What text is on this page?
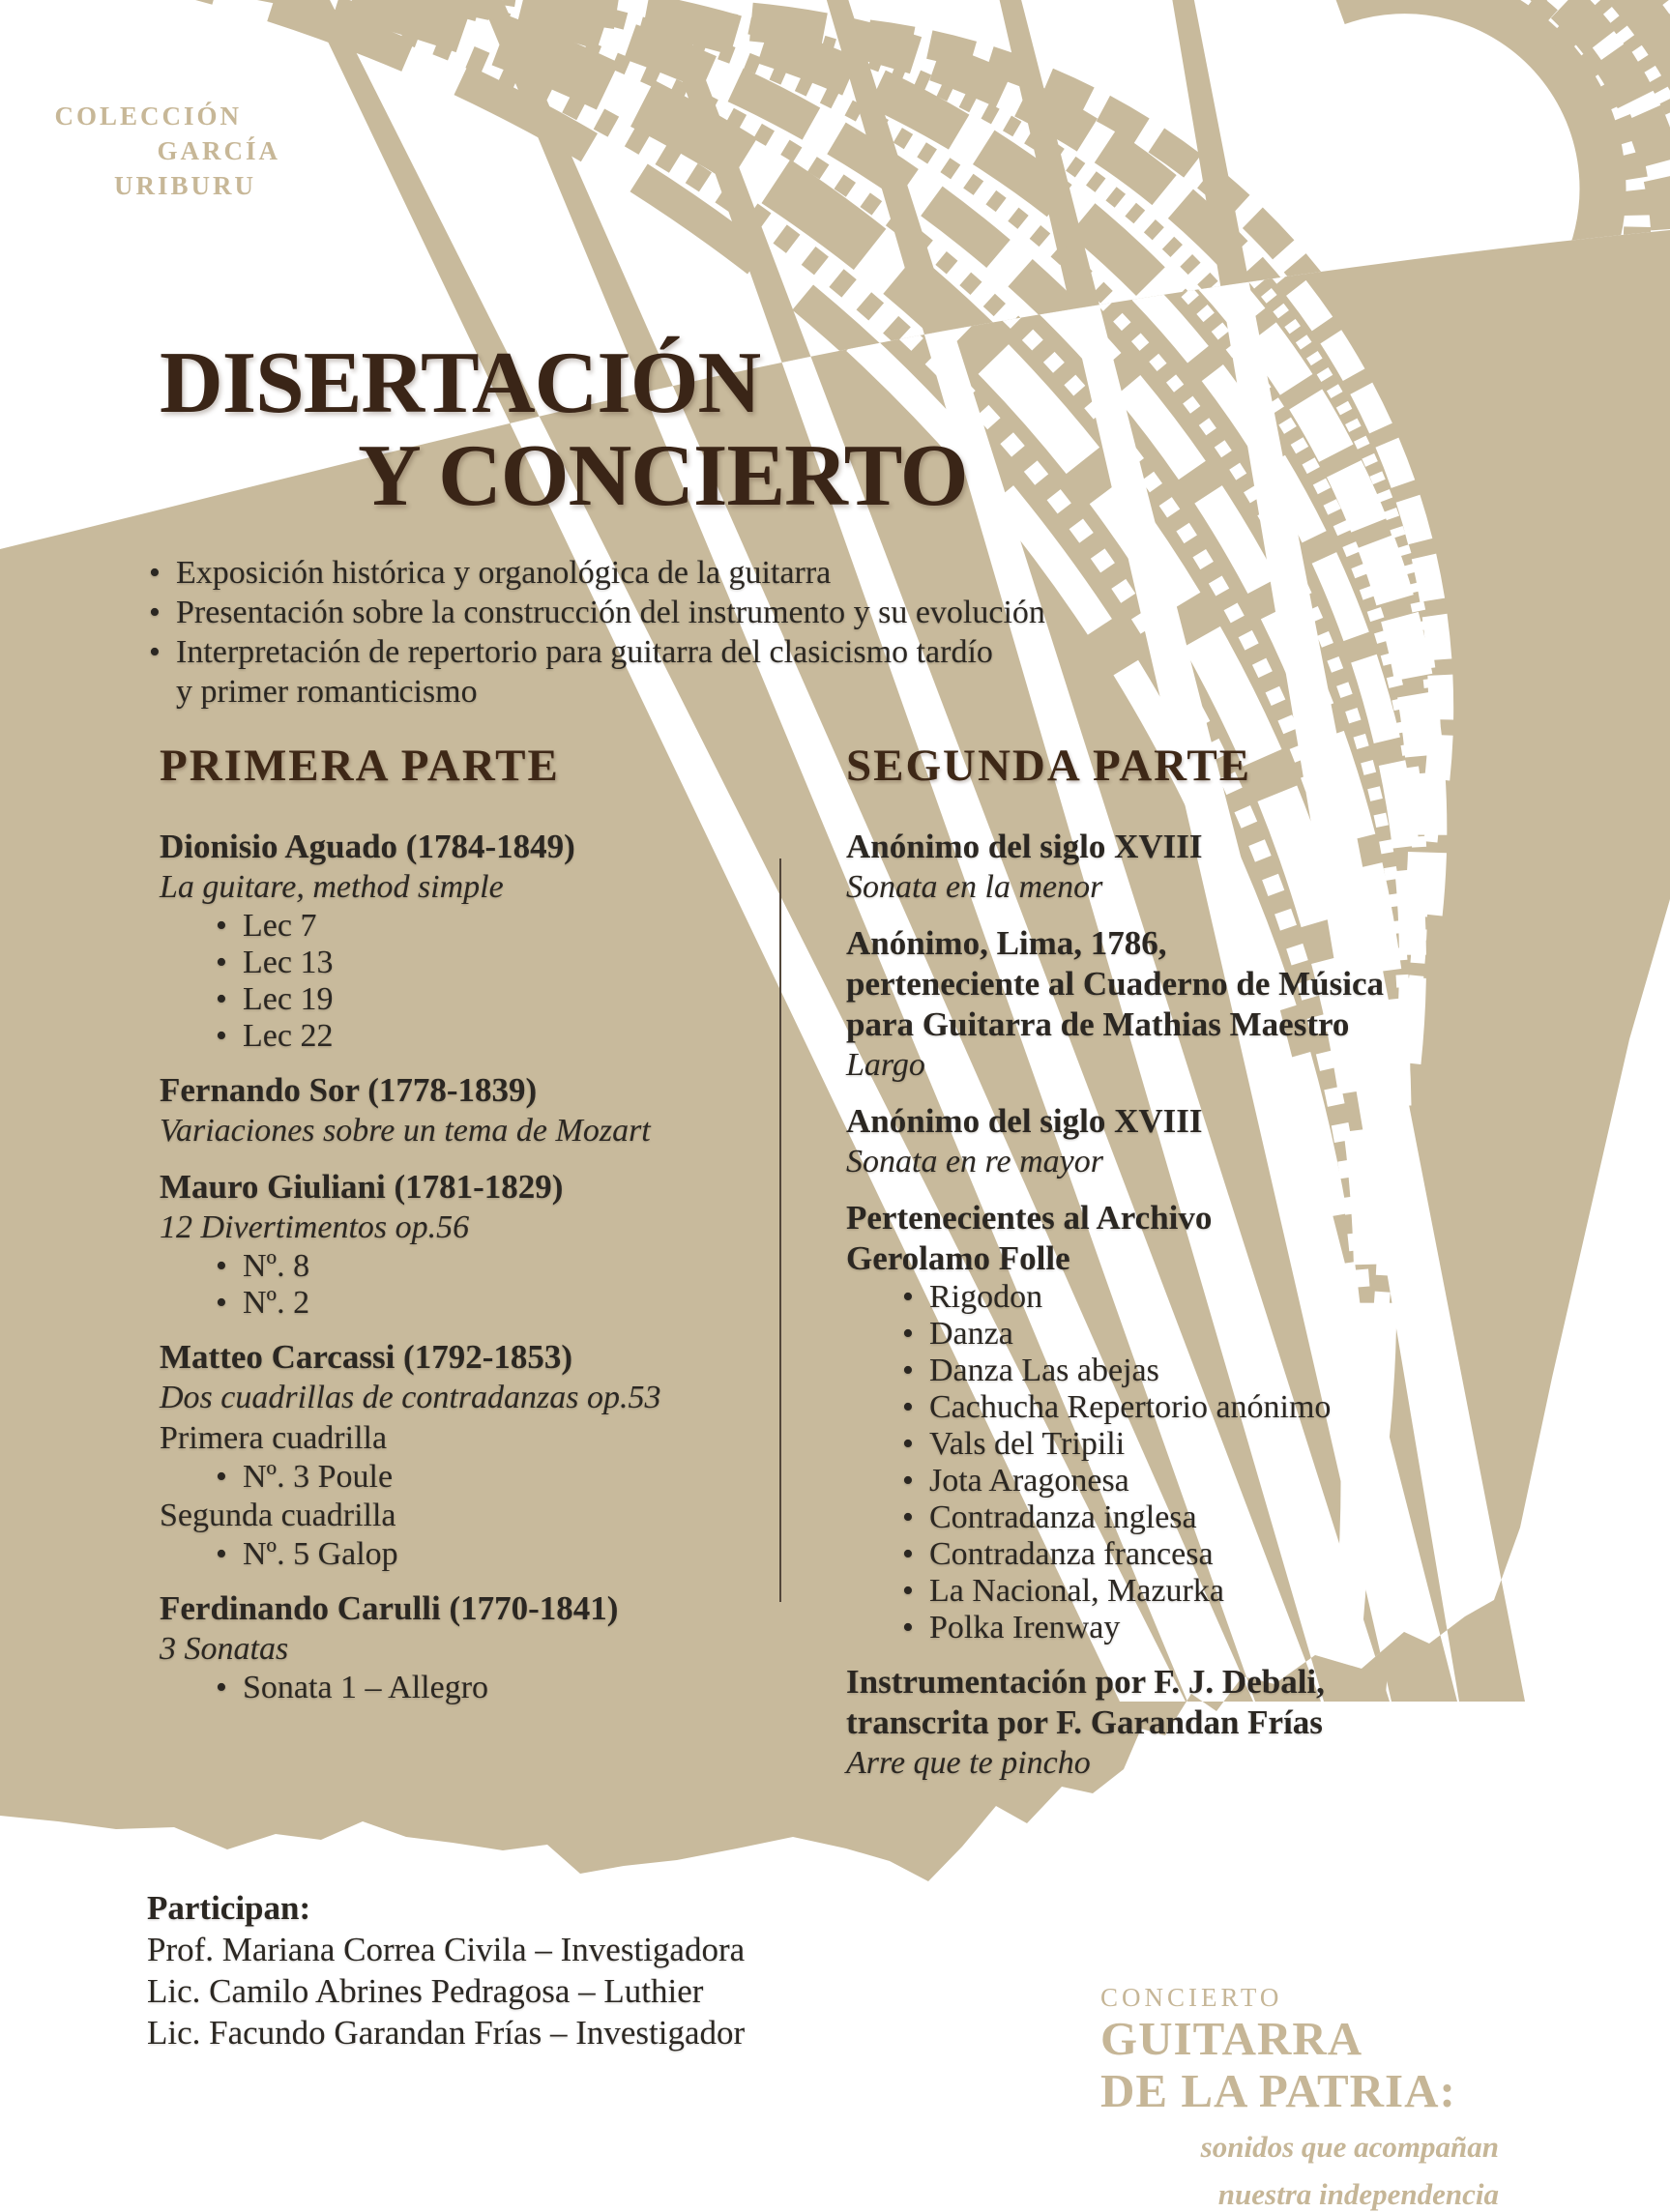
COLECCIÓN
GARCÍA
URIBURU
DISERTACIÓN
Y CONCIERTO
• Exposición histórica y organológica de la guitarra
• Presentación sobre la construcción del instrumento y su evolución
• Interpretación de repertorio para guitarra del clasicismo tardío
y primer romanticismo
PRIMERA PARTE
Dionisio Aguado (1784-1849)
La guitare, method simple
• Lec 7
• Lec 13
• Lec 19
• Lec 22
Fernando Sor (1778-1839)
Variaciones sobre un tema de Mozart
Mauro Giuliani (1781-1829)
12 Divertimentos op.56
• Nº. 8
• Nº. 2
Matteo Carcassi (1792-1853)
Dos cuadrillas de contradanzas op.53
Primera cuadrilla
• Nº. 3 Poule
Segunda cuadrilla
• Nº. 5 Galop
Ferdinando Carulli (1770-1841)
3 Sonatas
• Sonata 1 – Allegro
SEGUNDA PARTE
Anónimo del siglo XVIII
Sonata en la menor
Anónimo, Lima, 1786,
perteneciente al Cuaderno de Música
para Guitarra de Mathias Maestro
Largo
Anónimo del siglo XVIII
Sonata en re mayor
Pertenecientes al Archivo
Gerolamo Folle
• Rigodon
• Danza
• Danza Las abejas
• Cachucha Repertorio anónimo
• Vals del Tripili
• Jota Aragonesa
• Contradanza inglesa
• Contradanza francesa
• La Nacional, Mazurka
• Polka Irenway
Instrumentación por F. J. Debali,
transcrita por F. Garandan Frías
Arre que te pincho
Participan:
Prof. Mariana Correa Civila – Investigadora
Lic. Camilo Abrines Pedragosa – Luthier
Lic. Facundo Garandan Frías – Investigador
CONCIERTO
GUITARRA
DE LA PATRIA:
sonidos que acompañan
nuestra independencia
